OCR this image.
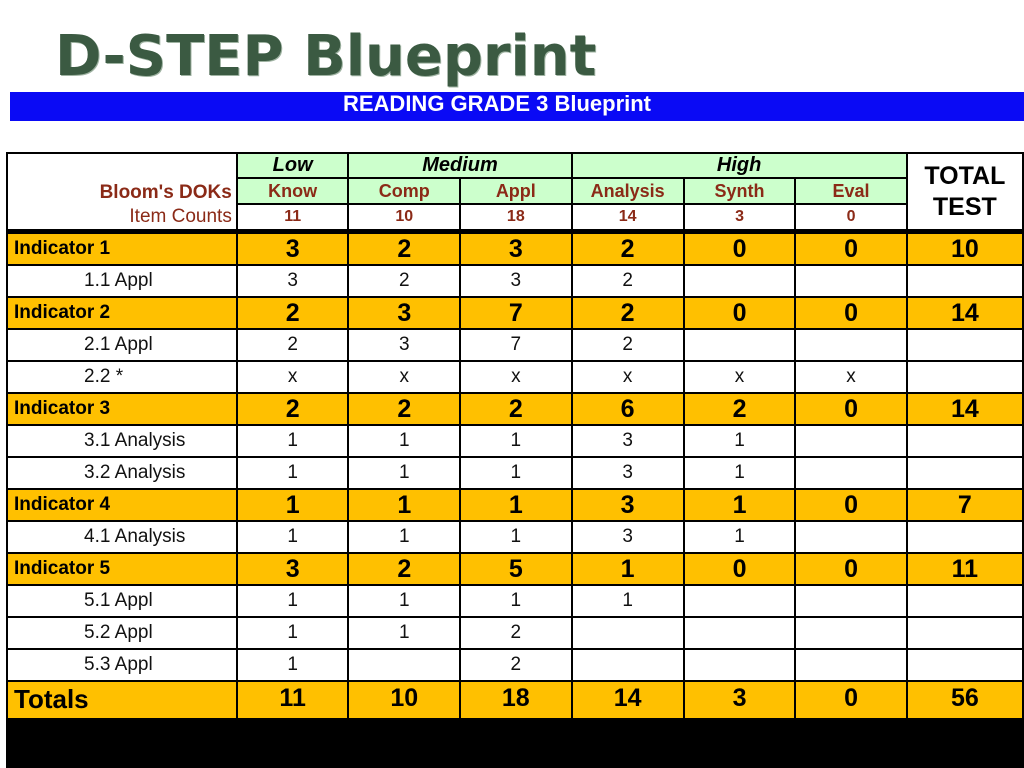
D-STEP Blueprint
READING GRADE 3 Blueprint
Bloom's DOKs
Item Counts	Low	Medium		High			TOTAL
TEST
	Know	Comp	Appl	Analysis	Synth	Eval	
	11	10	18	14	3	0	
Indicator 1	3	2	3	2	0	0	10
1.1 Appl	3	2	3	2			
Indicator 2	2	3	7	2	0	0	14
2.1 Appl	2	3	7	2			
2.2 *	x	x	x	x	x	x	
Indicator 3	2	2	2	6	2	0	14
3.1 Analysis	1	1	1	3	1		
3.2 Analysis	1	1	1	3	1		
Indicator 4	1	1	1	3	1	0	7
4.1 Analysis	1	1	1	3	1		
Indicator 5	3	2	5	1	0	0	11
5.1 Appl	1	1	1	1			
5.2 Appl	1	1	2				
5.3 Appl	1		2				
Totals	11	10	18	14	3	0	56
